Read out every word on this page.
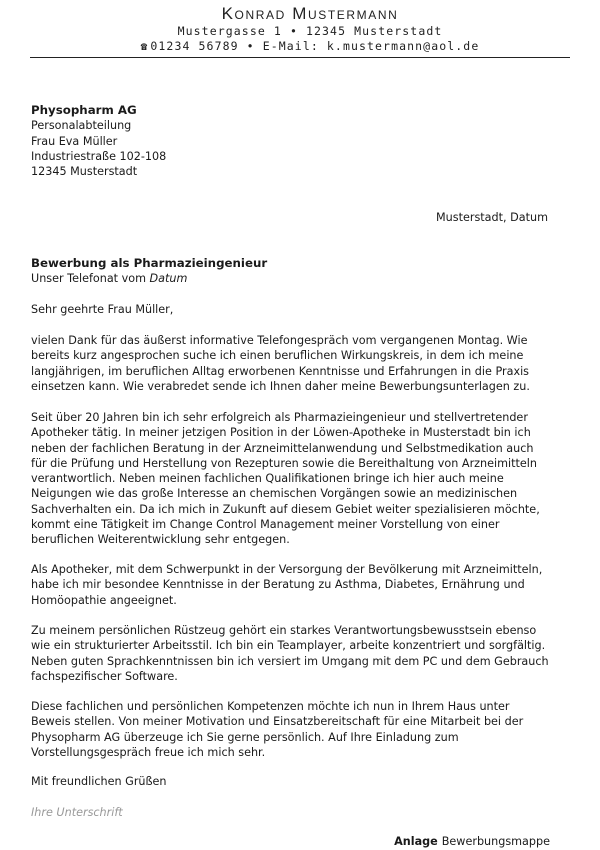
Konrad Mustermann
Mustergasse 1 • 12345 Musterstadt
☎ 01234 56789 • E-Mail: k.mustermann@aol.de
Physopharm AG
Personalabteilung
Frau Eva Müller
Industriestraße 102-108
12345 Musterstadt
Musterstadt, Datum
Bewerbung als Pharmazieingenieur
Unser Telefonat vom Datum
Sehr geehrte Frau Müller,
vielen Dank für das äußerst informative Telefongespräch vom vergangenen Montag. Wie bereits kurz angesprochen suche ich einen beruflichen Wirkungskreis, in dem ich meine langjährigen, im beruflichen Alltag erworbenen Kenntnisse und Erfahrungen in die Praxis einsetzen kann. Wie verabredet sende ich Ihnen daher meine Bewerbungsunterlagen zu.
Seit über 20 Jahren bin ich sehr erfolgreich als Pharmazieingenieur und stellvertretender Apotheker tätig. In meiner jetzigen Position in der Löwen-Apotheke in Musterstadt bin ich neben der fachlichen Beratung in der Arzneimittelanwendung und Selbstmedikation auch für die Prüfung und Herstellung von Rezepturen sowie die Bereithaltung von Arzneimitteln verantwortlich. Neben meinen fachlichen Qualifikationen bringe ich hier auch meine Neigungen wie das große Interesse an chemischen Vorgängen sowie an medizinischen Sachverhalten ein. Da ich mich in Zukunft auf diesem Gebiet weiter spezialisieren möchte, kommt eine Tätigkeit im Change Control Management meiner Vorstellung von einer beruflichen Weiterentwicklung sehr entgegen.
Als Apotheker, mit dem Schwerpunkt in der Versorgung der Bevölkerung mit Arzneimitteln, habe ich mir besondee Kenntnisse in der Beratung zu Asthma, Diabetes, Ernährung und Homöopathie angeeignet.
Zu meinem persönlichen Rüstzeug gehört ein starkes Verantwortungsbewusstsein ebenso wie ein strukturierter Arbeitsstil. Ich bin ein Teamplayer, arbeite konzentriert und sorgfältig. Neben guten Sprachkenntnissen bin ich versiert im Umgang mit dem PC und dem Gebrauch fachspezifischer Software.
Diese fachlichen und persönlichen Kompetenzen möchte ich nun in Ihrem Haus unter Beweis stellen. Von meiner Motivation und Einsatzbereitschaft für eine Mitarbeit bei der Physopharm AG überzeuge ich Sie gerne persönlich. Auf Ihre Einladung zum Vorstellungsgespräch freue ich mich sehr.
Mit freundlichen Grüßen
Ihre Unterschrift
Anlage Bewerbungsmappe
